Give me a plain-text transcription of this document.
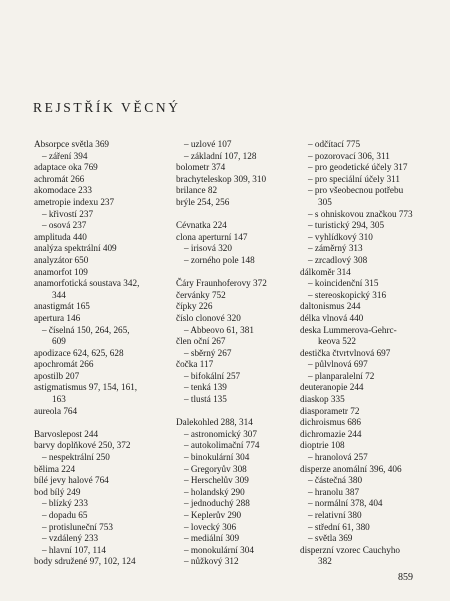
REJSTŘÍK VĚCNÝ
Absorpce světla 369
– záření 394
adaptace oka 769
achromát 266
akomodace 233
ametropie indexu 237
– křivostí 237
– osová 237
amplituda 440
analýza spektrální 409
analyzátor 650
anamorfot 109
anamorfotická soustava 342,
344
anastigmát 165
apertura 146
– číselná 150, 264, 265,
609
apodizace 624, 625, 628
apochromát 266
apostilb 207
astigmatismus 97, 154, 161,
163
aureola 764
Barvoslepost 244
barvy doplňkové 250, 372
– nespektrální 250
bělima 224
bílé jevy halové 764
bod bílý 249
– blízký 233
– dopadu 65
– protisluneční 753
– vzdálený 233
– hlavní 107, 114
body sdružené 97, 102, 124
– uzlové 107
– základní 107, 128
bolometr 374
brachyteleskop 309, 310
brilance 82
brýle 254, 256
Cévnatka 224
clona aperturní 147
– irisová 320
– zorného pole 148
Čáry Fraunhoferovy 372
červánky 752
čípky 226
číslo clonové 320
– Abbeovo 61, 381
člen oční 267
– sběrný 267
čočka 117
– bifokální 257
– tenká 139
– tlustá 135
Dalekohled 288, 314
– astronomický 307
– autokolimační 774
– binokulární 304
– Gregoryův 308
– Herschelův 309
– holandský 290
– jednoduchý 288
– Keplerův 290
– lovecký 306
– mediální 309
– monokulární 304
– nůžkový 312
– odčítací 775
– pozorovací 306, 311
– pro geodetické účely 317
– pro speciální účely 311
– pro všeobecnou potřebu
305
– s ohniskovou značkou 773
– turistický 294, 305
– vyhlídkový 310
– záměrný 313
– zrcadlový 308
dálkoměr 314
– koincidenční 315
– stereoskopický 316
daltonismus 244
délka vlnová 440
deska Lummerova-Gehrc-
keova 522
destička čtvrtvlnová 697
– půlvlnová 697
– planparalelní 72
deuteranopie 244
diaskop 335
diasporametr 72
dichroismus 686
dichromazie 244
dioptrie 108
– hranolová 257
disperze anomální 396, 406
– částečná 380
– hranolu 387
– normální 378, 404
– relativní 380
– střední 61, 380
– světla 369
disperzní vzorec Cauchyho
382
859
